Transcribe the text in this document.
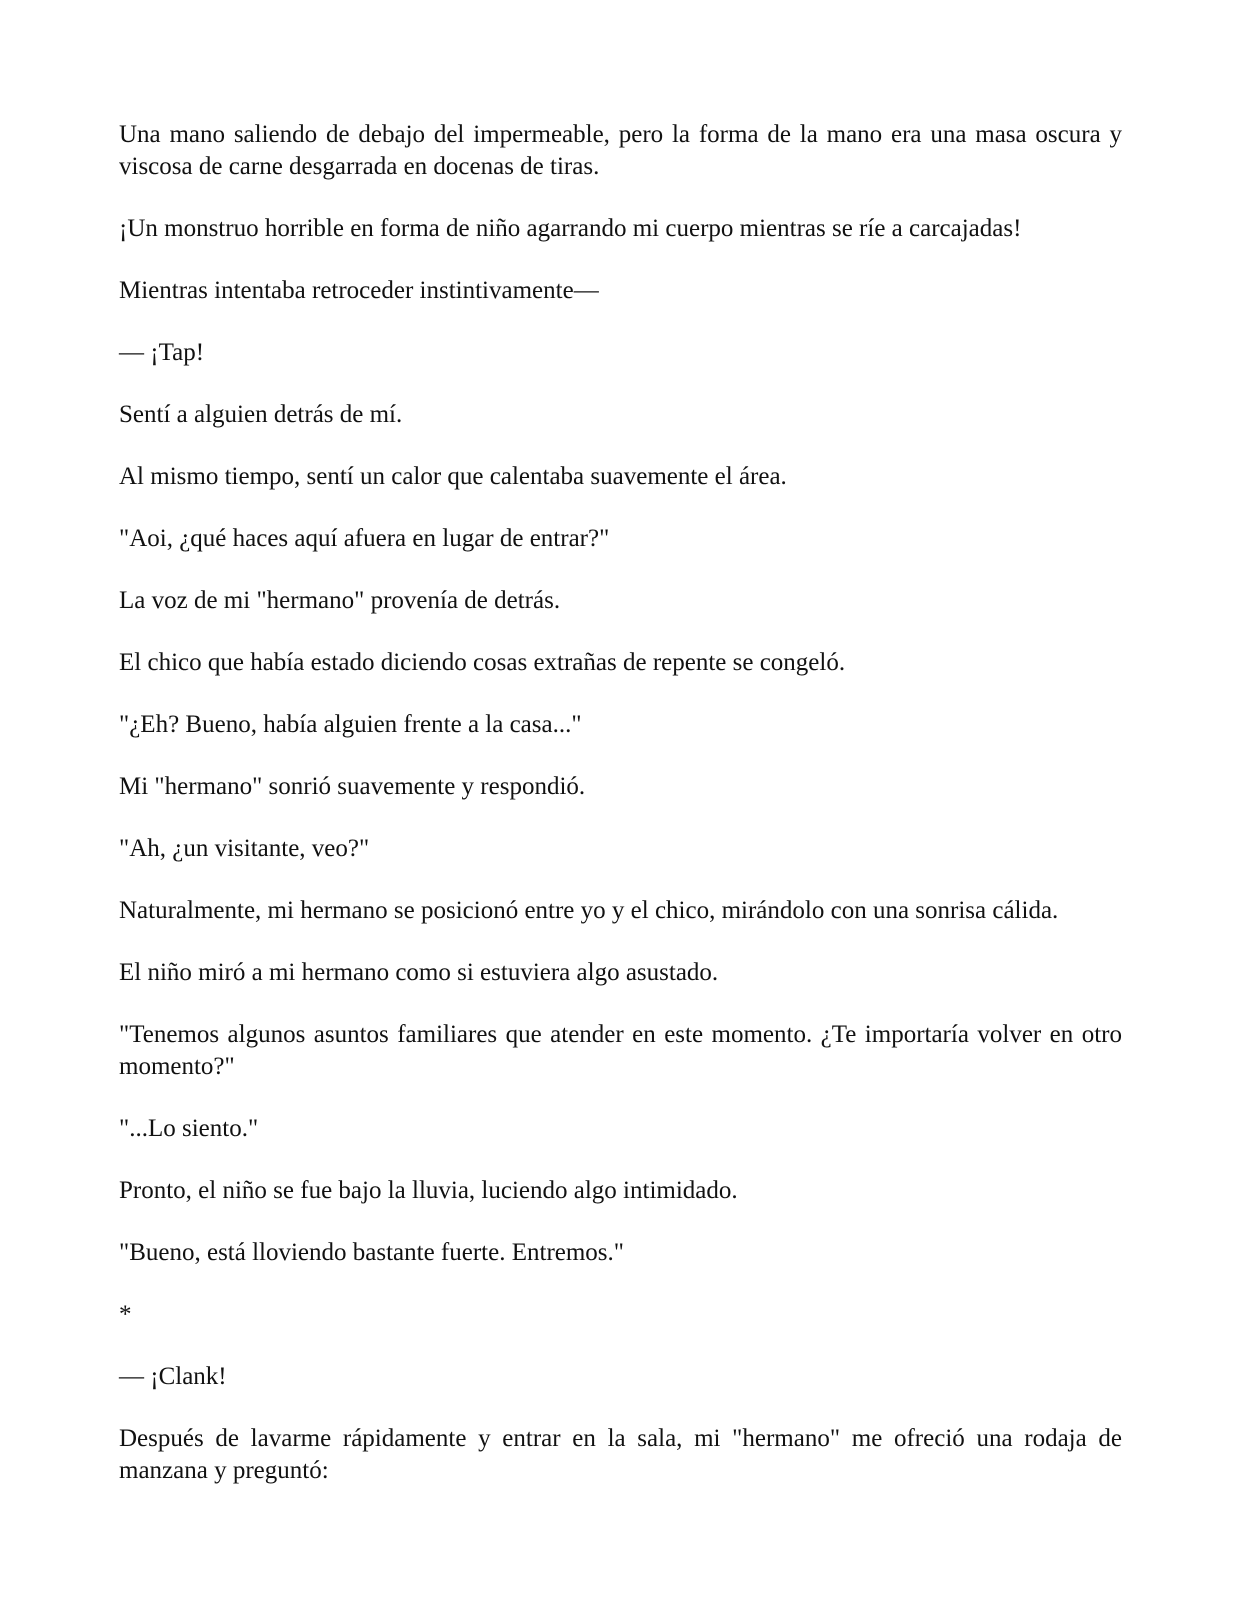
Una mano saliendo de debajo del impermeable, pero la forma de la mano era una masa oscura y viscosa de carne desgarrada en docenas de tiras.

¡Un monstruo horrible en forma de niño agarrando mi cuerpo mientras se ríe a carcajadas!

Mientras intentaba retroceder instintivamente—

— ¡Tap!

Sentí a alguien detrás de mí.

Al mismo tiempo, sentí un calor que calentaba suavemente el área.

"Aoi, ¿qué haces aquí afuera en lugar de entrar?"

La voz de mi "hermano" provenía de detrás.

El chico que había estado diciendo cosas extrañas de repente se congeló.

"¿Eh? Bueno, había alguien frente a la casa..."

Mi "hermano" sonrió suavemente y respondió.

"Ah, ¿un visitante, veo?"

Naturalmente, mi hermano se posicionó entre yo y el chico, mirándolo con una sonrisa cálida.

El niño miró a mi hermano como si estuviera algo asustado.

"Tenemos algunos asuntos familiares que atender en este momento. ¿Te importaría volver en otro momento?"

"...Lo siento."

Pronto, el niño se fue bajo la lluvia, luciendo algo intimidado.

"Bueno, está lloviendo bastante fuerte. Entremos."

*

— ¡Clank!

Después de lavarme rápidamente y entrar en la sala, mi "hermano" me ofreció una rodaja de manzana y preguntó:
